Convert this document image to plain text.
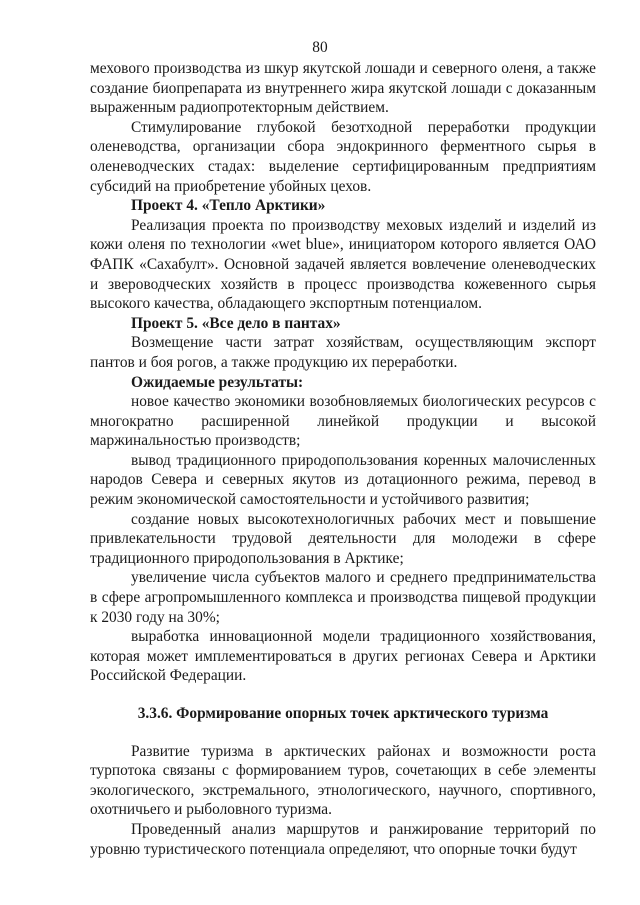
80

мехового производства из шкур якутской лошади и северного оленя, а также создание биопрепарата из внутреннего жира якутской лошади с доказанным выраженным радиопротекторным действием.

Стимулирование глубокой безотходной переработки продукции оленеводства, организации сбора эндокринного ферментного сырья в оленеводческих стадах: выделение сертифицированным предприятиям субсидий на приобретение убойных цехов.

Проект 4. «Тепло Арктики»

Реализация проекта по производству меховых изделий и изделий из кожи оленя по технологии «wet blue», инициатором которого является ОАО ФАПК «Сахабулт». Основной задачей является вовлечение оленеводческих и звероводческих хозяйств в процесс производства кожевенного сырья высокого качества, обладающего экспортным потенциалом.

Проект 5. «Все дело в пантах»

Возмещение части затрат хозяйствам, осуществляющим экспорт пантов и боя рогов, а также продукцию их переработки.

Ожидаемые результаты:

новое качество экономики возобновляемых биологических ресурсов с многократно расширенной линейкой продукции и высокой маржинальностью производств;

вывод традиционного природопользования коренных малочисленных народов Севера и северных якутов из дотационного режима, перевод в режим экономической самостоятельности и устойчивого развития;

создание новых высокотехнологичных рабочих мест и повышение привлекательности трудовой деятельности для молодежи в сфере традиционного природопользования в Арктике;

увеличение числа субъектов малого и среднего предпринимательства в сфере агропромышленного комплекса и производства пищевой продукции к 2030 году на 30%;

выработка инновационной модели традиционного хозяйствования, которая может имплементироваться в других регионах Севера и Арктики Российской Федерации.

3.3.6. Формирование опорных точек арктического туризма

Развитие туризма в арктических районах и возможности роста турпотока связаны с формированием туров, сочетающих в себе элементы экологического, экстремального, этнологического, научного, спортивного, охотничьего и рыболовного туризма.

Проведенный анализ маршрутов и ранжирование территорий по уровню туристического потенциала определяют, что опорные точки будут
